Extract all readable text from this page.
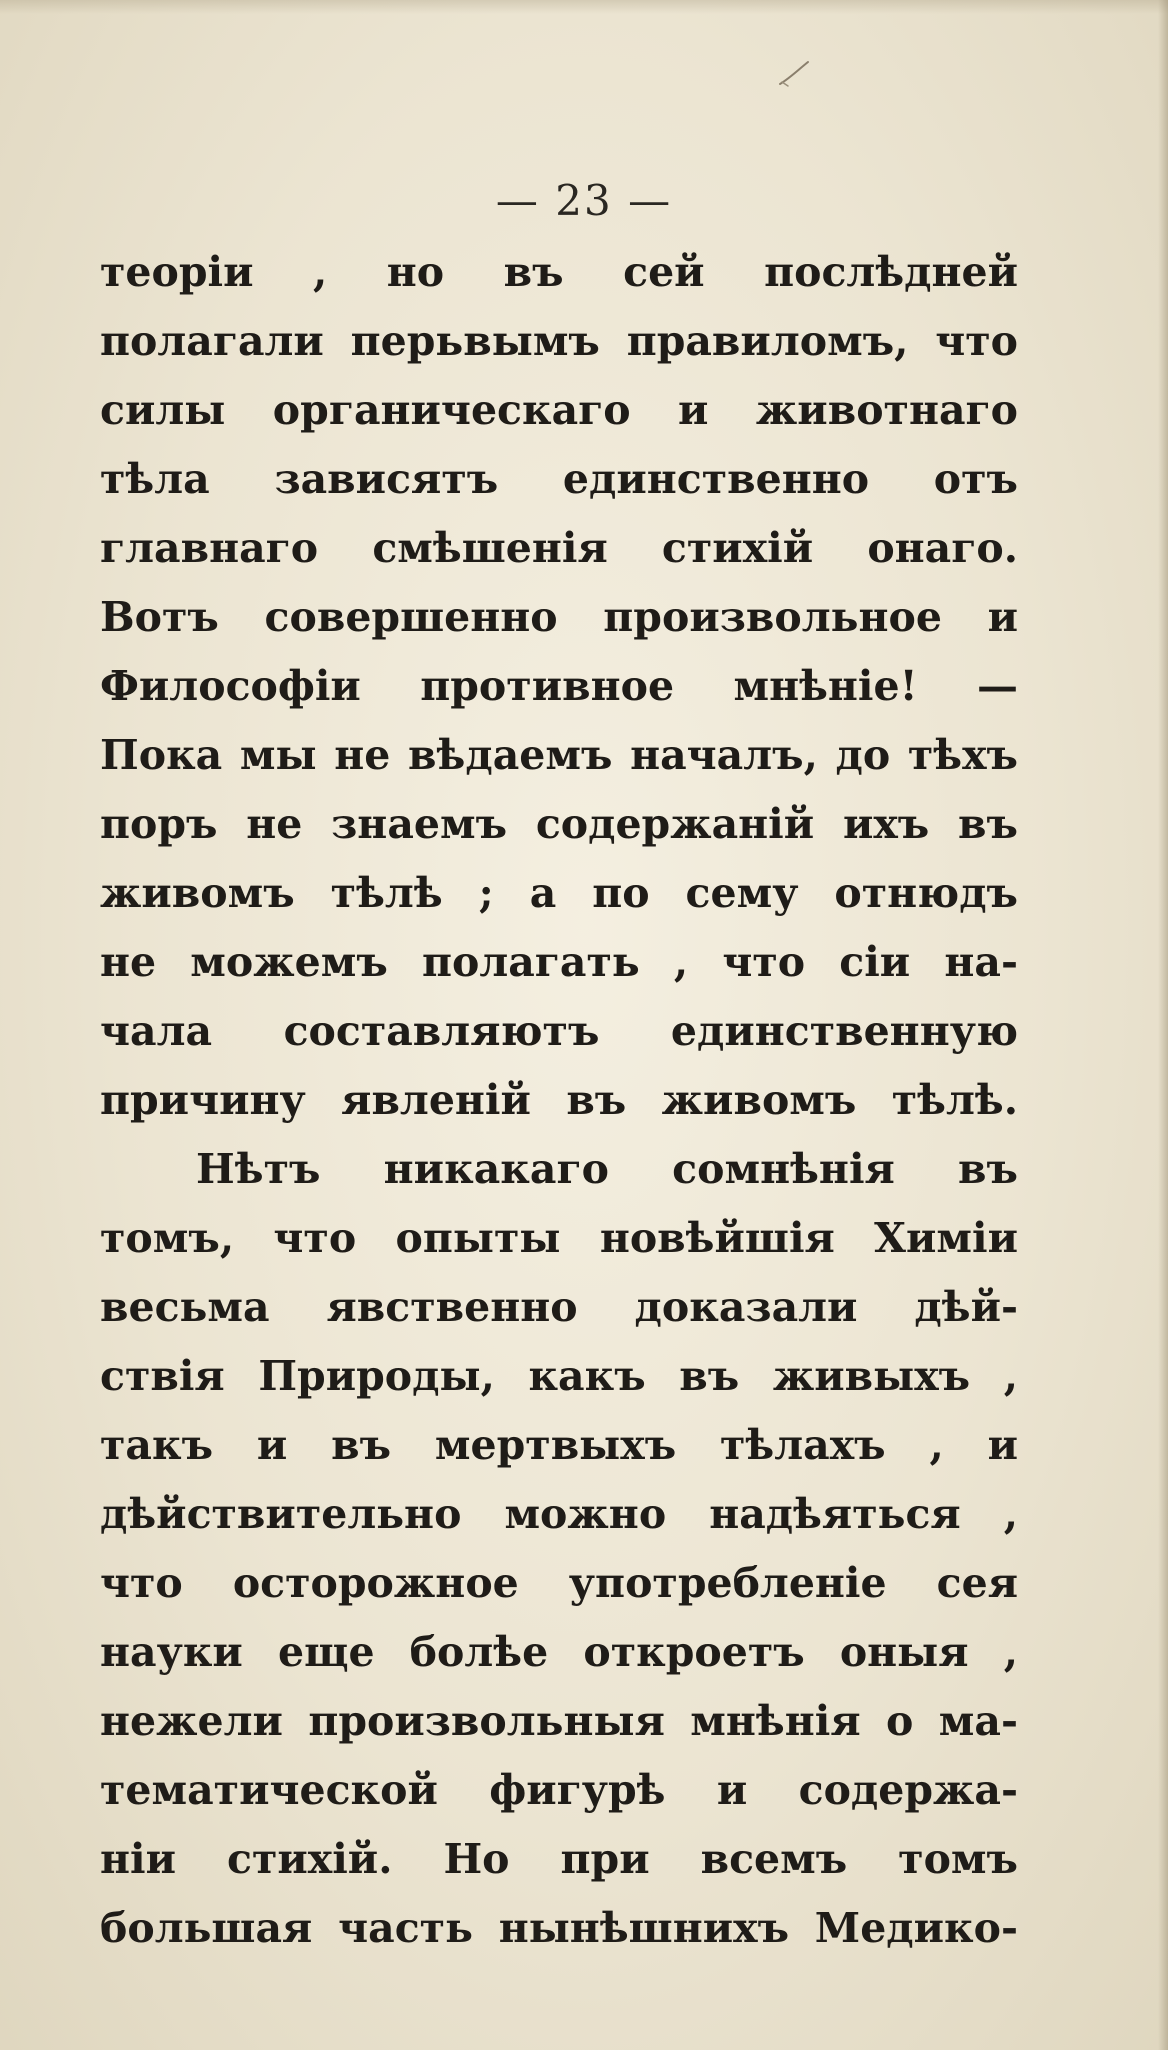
— 23 —
теорiи , но въ сей послѣдней
полагали перьвымъ правиломъ, что
силы органическаго и животнаго
тѣла зависятъ единственно отъ
главнаго смѣшенiя стихiй онаго.
Вотъ совершенно произвольное и
Философiи противное мнѣнiе! —
Пока мы не вѣдаемъ началъ, до тѣхъ
поръ не знаемъ содержанiй ихъ въ
живомъ тѣлѣ ; а по сему отнюдъ
не можемъ полагать , что сiи на-
чала составляютъ единственную
причину явленiй въ живомъ тѣлѣ.
Нѣтъ никакаго сомнѣнiя въ
томъ, что опыты новѣйшiя Химiи
весьма явственно доказали дѣй-
ствiя Природы, какъ въ живыхъ ,
такъ и въ мертвыхъ тѣлахъ , и
дѣйствительно можно надѣяться ,
что осторожное употребленiе сея
науки еще болѣе откроетъ оныя ,
нежели произвольныя мнѣнiя о ма-
тематической фигурѣ и содержа-
нiи стихiй. Но при всемъ томъ
большая часть нынѣшнихъ Медико-
